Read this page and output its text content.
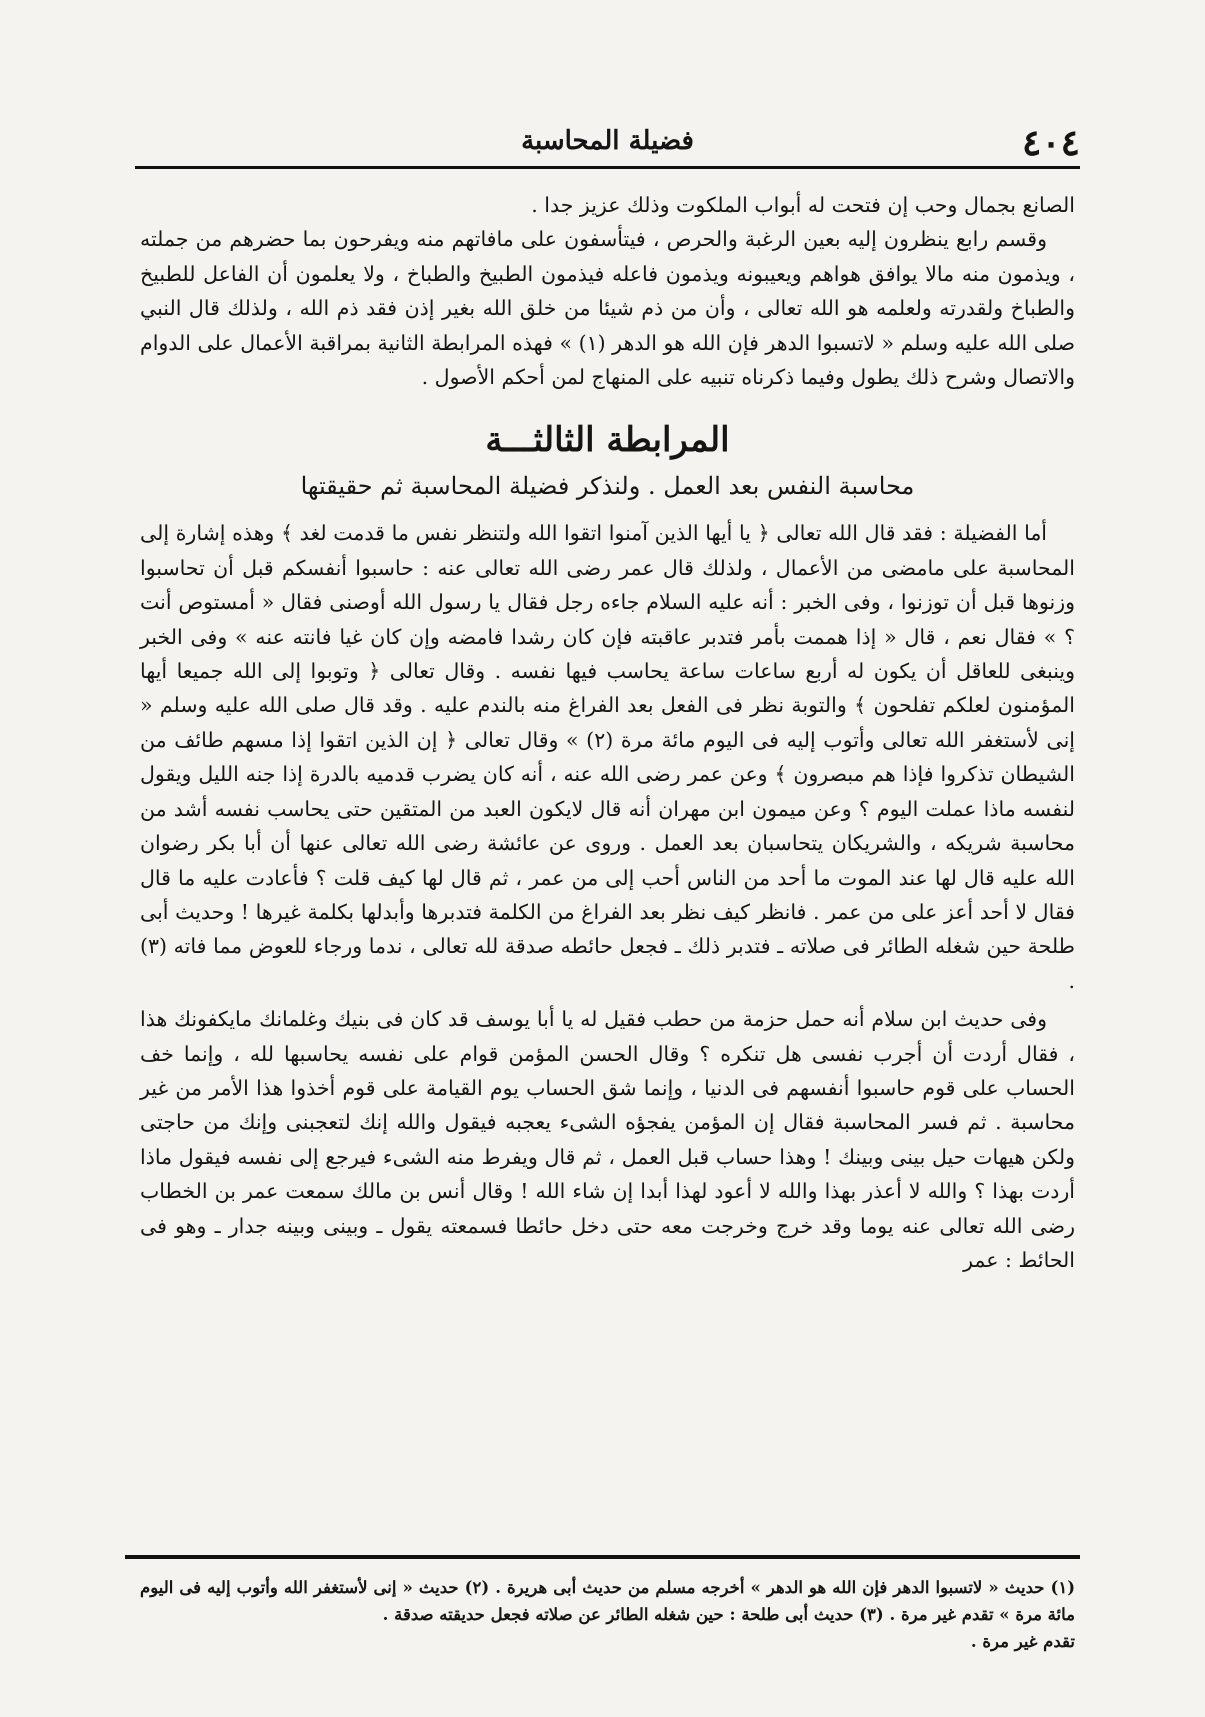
٤٠٤
فضيلة المحاسبة

الصانع بجمال وحب إن فتحت له أبواب الملكوت وذلك عزيز جدا .

وقسم رابع ينظرون إليه بعين الرغبة والحرص ، فيتأسفون على مافاتهم منه ويفرحون بما حضرهم من جملته ، ويذمون منه مالا يوافق هواهم ويعيبونه ويذمون فاعله فيذمون الطبيخ والطباخ ، ولا يعلمون أن الفاعل للطبيخ والطباخ ولقدرته ولعلمه هو الله تعالى ، وأن من ذم شيئا من خلق الله بغير إذن فقد ذم الله ، ولذلك قال النبي صلى الله عليه وسلم « لاتسبوا الدهر فإن الله هو الدهر (١) » فهذه المرابطة الثانية بمراقبة الأعمال على الدوام والاتصال وشرح ذلك يطول وفيما ذكرناه تنبيه على المنهاج لمن أحكم الأصول .

المرابطة الثالثـــة
محاسبة النفس بعد العمل . ولنذكر فضيلة المحاسبة ثم حقيقتها

أما الفضيلة : فقد قال الله تعالى ﴿ يا أيها الذين آمنوا اتقوا الله ولتنظر نفس ما قدمت لغد ﴾ وهذه إشارة إلى المحاسبة على مامضى من الأعمال ، ولذلك قال عمر رضى الله تعالى عنه : حاسبوا أنفسكم قبل أن تحاسبوا وزنوها قبل أن توزنوا ، وفى الخبر : أنه عليه السلام جاءه رجل فقال يا رسول الله أوصنى فقال « أمستوص أنت ؟ » فقال نعم ، قال « إذا هممت بأمر فتدبر عاقبته فإن كان رشدا فامضه وإن كان غيا فانته عنه » وفى الخبر وينبغى للعاقل أن يكون له أربع ساعات ساعة يحاسب فيها نفسه . وقال تعالى ﴿ وتوبوا إلى الله جميعا أيها المؤمنون لعلكم تفلحون ﴾ والتوبة نظر فى الفعل بعد الفراغ منه بالندم عليه . وقد قال صلى الله عليه وسلم « إنى لأستغفر الله تعالى وأتوب إليه فى اليوم مائة مرة (٢) » وقال تعالى ﴿ إن الذين اتقوا إذا مسهم طائف من الشيطان تذكروا فإذا هم مبصرون ﴾ وعن عمر رضى الله عنه ، أنه كان يضرب قدميه بالدرة إذا جنه الليل ويقول لنفسه ماذا عملت اليوم ؟ وعن ميمون ابن مهران أنه قال لايكون العبد من المتقين حتى يحاسب نفسه أشد من محاسبة شريكه ، والشريكان يتحاسبان بعد العمل . وروى عن عائشة رضى الله تعالى عنها أن أبا بكر رضوان الله عليه قال لها عند الموت ما أحد من الناس أحب إلى من عمر ، ثم قال لها كيف قلت ؟ فأعادت عليه ما قال فقال لا أحد أعز على من عمر . فانظر كيف نظر بعد الفراغ من الكلمة فتدبرها وأبدلها بكلمة غيرها ! وحديث أبى طلحة حين شغله الطائر فى صلاته ـ فتدبر ذلك ـ فجعل حائطه صدقة لله تعالى ، ندما ورجاء للعوض مما فاته (٣) .

وفى حديث ابن سلام أنه حمل حزمة من حطب فقيل له يا أبا يوسف قد كان فى بنيك وغلمانك مايكفونك هذا ، فقال أردت أن أجرب نفسى هل تنكره ؟ وقال الحسن المؤمن قوام على نفسه يحاسبها لله ، وإنما خف الحساب على قوم حاسبوا أنفسهم فى الدنيا ، وإنما شق الحساب يوم القيامة على قوم أخذوا هذا الأمر من غير محاسبة . ثم فسر المحاسبة فقال إن المؤمن يفجؤه الشىء يعجبه فيقول والله إنك لتعجبنى وإنك من حاجتى ولكن هيهات حيل بينى وبينك ! وهذا حساب قبل العمل ، ثم قال ويفرط منه الشىء فيرجع إلى نفسه فيقول ماذا أردت بهذا ؟ والله لا أعذر بهذا والله لا أعود لهذا أبدا إن شاء الله ! وقال أنس بن مالك سمعت عمر بن الخطاب رضى الله تعالى عنه يوما وقد خرج وخرجت معه حتى دخل حائطا فسمعته يقول ـ وبينى وبينه جدار ـ وهو فى الحائط : عمر

(١) حديث « لاتسبوا الدهر فإن الله هو الدهر » أخرجه مسلم من حديث أبى هريرة . (٢) حديث « إنى لأستغفر الله وأتوب إليه فى اليوم مائة مرة » تقدم غير مرة . (٣) حديث أبى طلحة : حين شغله الطائر عن صلاته فجعل حديقته صدقة .

تقدم غير مرة .
